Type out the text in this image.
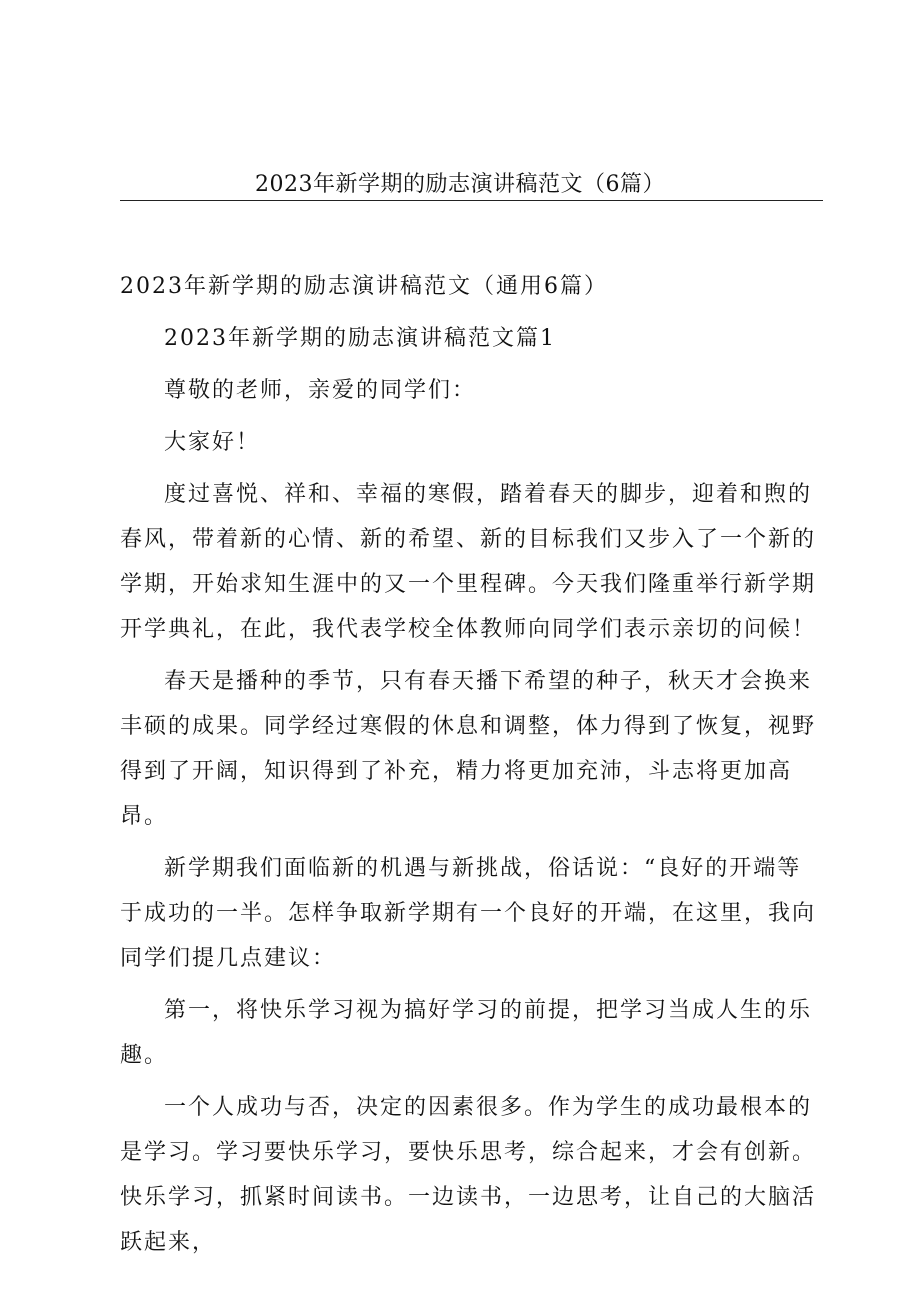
2023年新学期的励志演讲稿范文（6篇）
2023年新学期的励志演讲稿范文（通用6篇）

2023年新学期的励志演讲稿范文篇1

尊敬的老师，亲爱的同学们：

大家好！

度过喜悦、祥和、幸福的寒假，踏着春天的脚步，迎着和煦的春风，带着新的心情、新的希望、新的目标我们又步入了一个新的学期，开始求知生涯中的又一个里程碑。今天我们隆重举行新学期开学典礼，在此，我代表学校全体教师向同学们表示亲切的问候！

春天是播种的季节，只有春天播下希望的种子，秋天才会换来丰硕的成果。同学经过寒假的休息和调整，体力得到了恢复，视野得到了开阔，知识得到了补充，精力将更加充沛，斗志将更加高昂。

新学期我们面临新的机遇与新挑战，俗话说：“良好的开端等于成功的一半。怎样争取新学期有一个良好的开端，在这里，我向同学们提几点建议：

第一，将快乐学习视为搞好学习的前提，把学习当成人生的乐趣。

一个人成功与否，决定的因素很多。作为学生的成功最根本的是学习。学习要快乐学习，要快乐思考，综合起来，才会有创新。快乐学习，抓紧时间读书。一边读书，一边思考，让自己的大脑活跃起来，
